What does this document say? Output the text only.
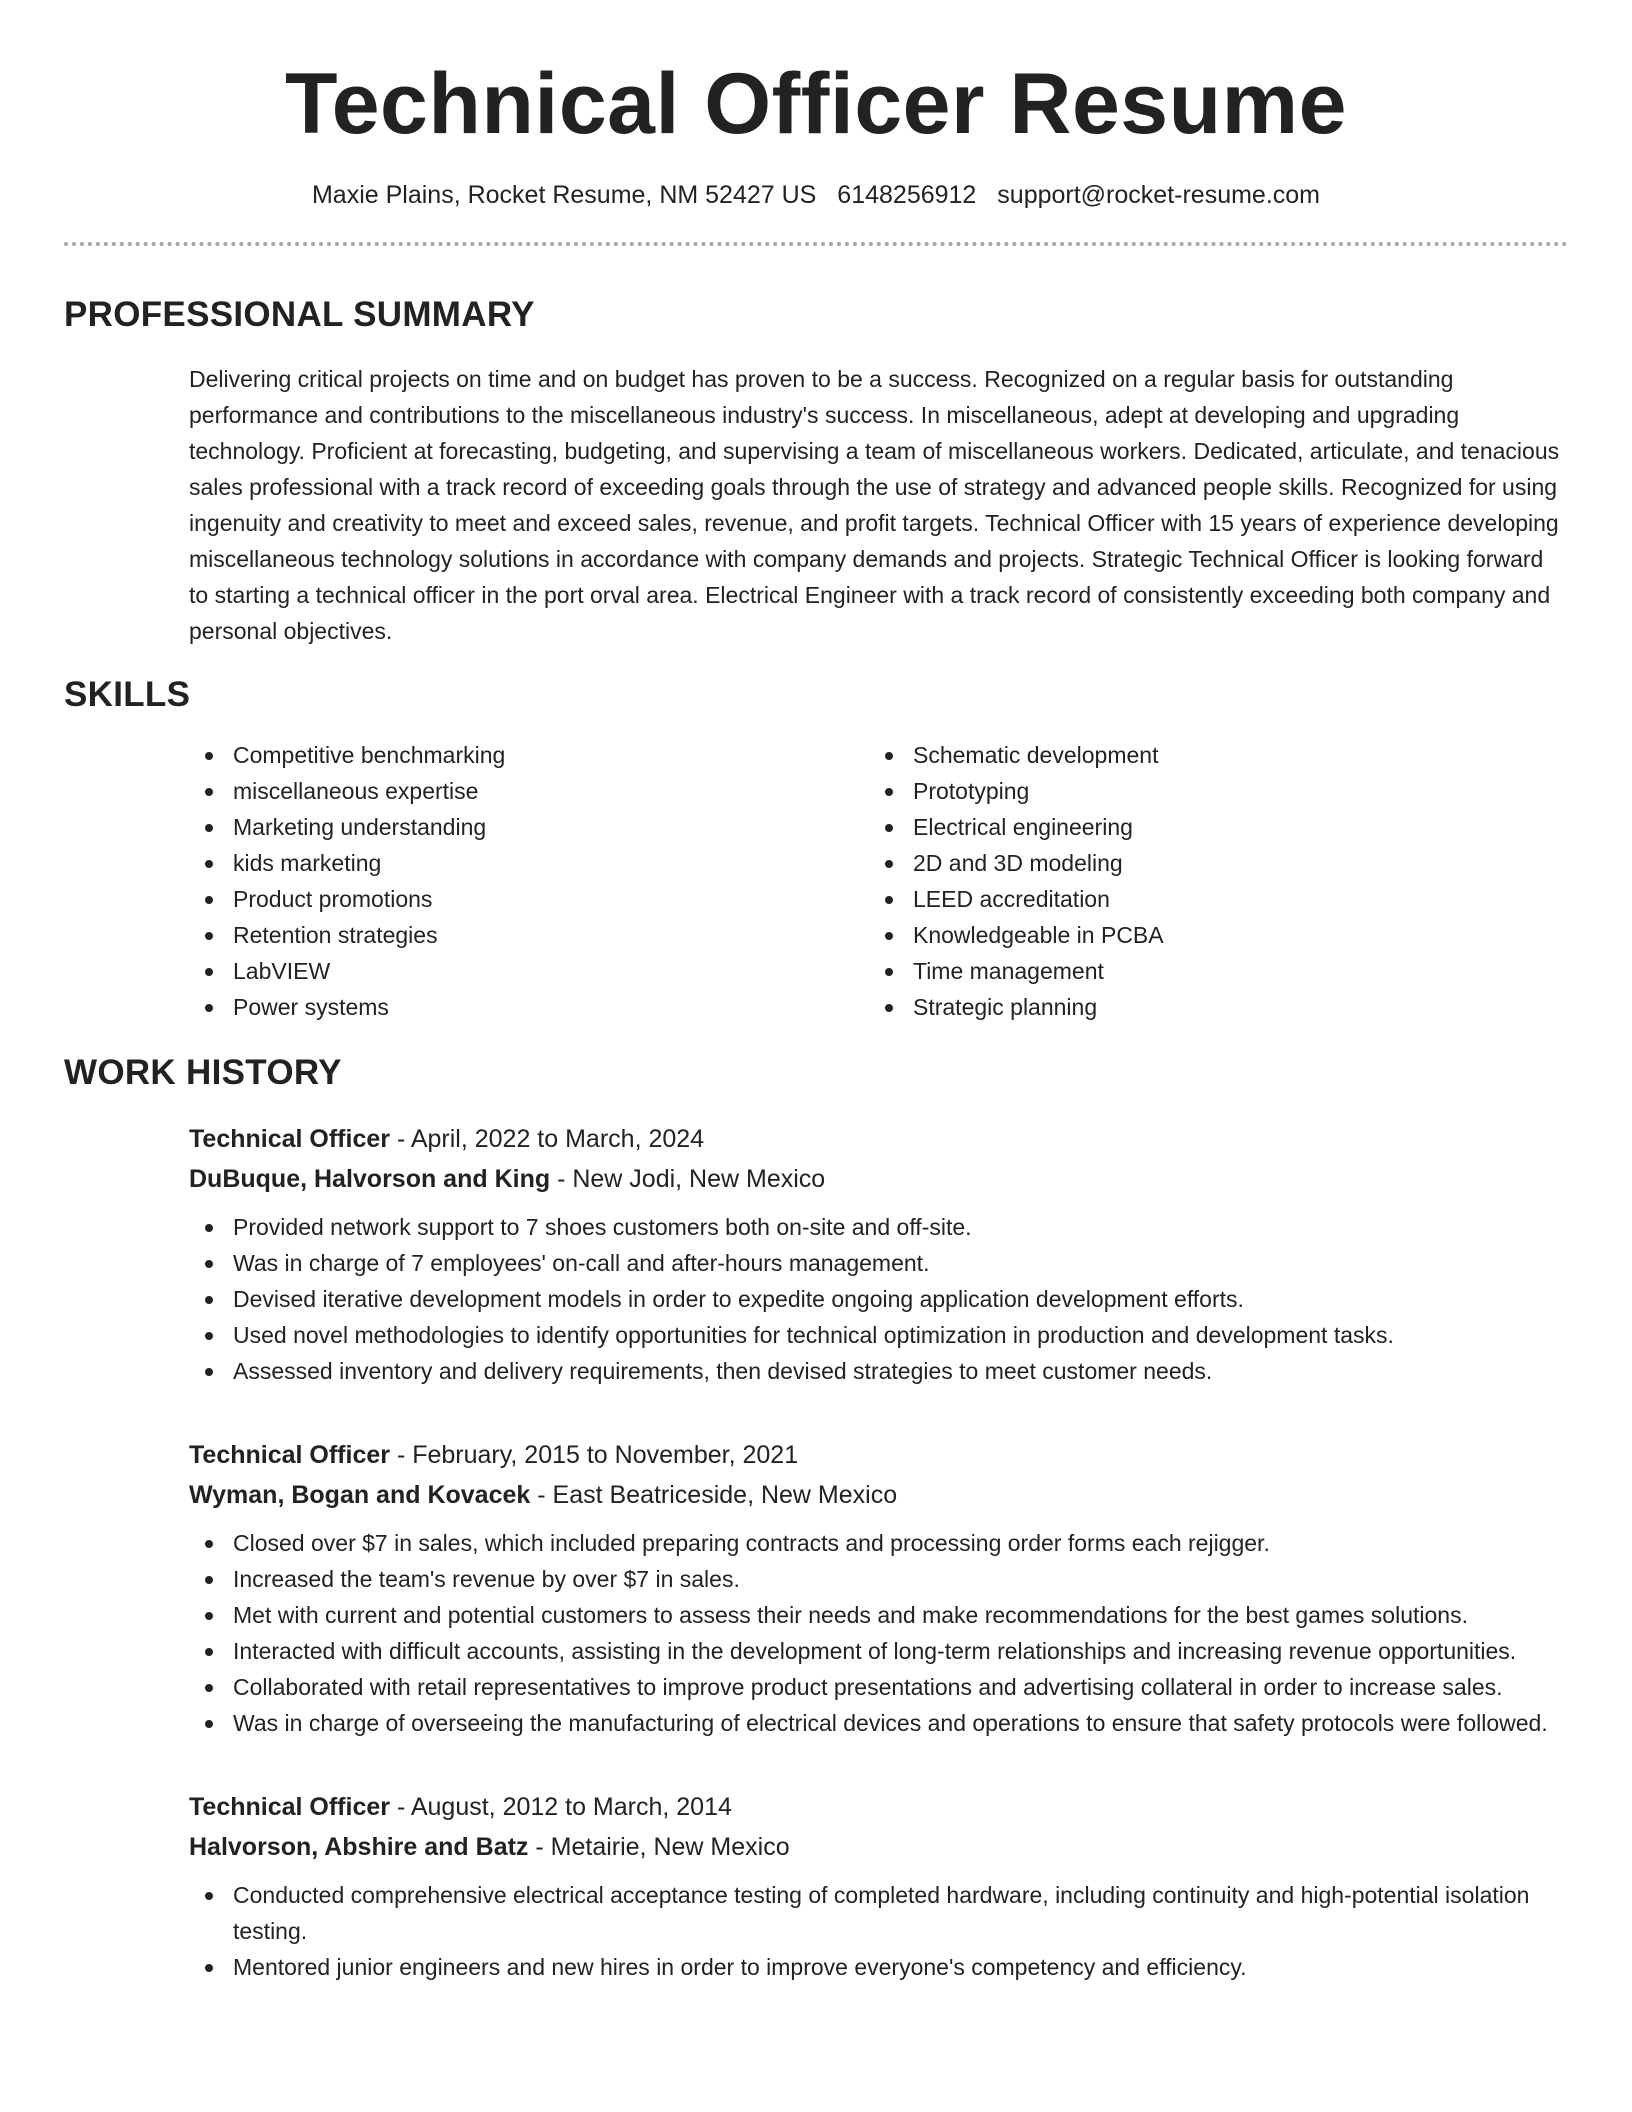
Technical Officer Resume
Maxie Plains, Rocket Resume, NM 52427 US 6148256912 support@rocket-resume.com
PROFESSIONAL SUMMARY

Delivering critical projects on time and on budget has proven to be a success. Recognized on a regular basis for outstanding performance and contributions to the miscellaneous industry's success. In miscellaneous, adept at developing and upgrading technology. Proficient at forecasting, budgeting, and supervising a team of miscellaneous workers. Dedicated, articulate, and tenacious sales professional with a track record of exceeding goals through the use of strategy and advanced people skills. Recognized for using ingenuity and creativity to meet and exceed sales, revenue, and profit targets. Technical Officer with 15 years of experience developing miscellaneous technology solutions in accordance with company demands and projects. Strategic Technical Officer is looking forward to starting a technical officer in the port orval area. Electrical Engineer with a track record of consistently exceeding both company and personal objectives.

SKILLS
Competitive benchmarking
miscellaneous expertise
Marketing understanding
kids marketing
Product promotions
Retention strategies
LabVIEW
Power systems
Schematic development
Prototyping
Electrical engineering
2D and 3D modeling
LEED accreditation
Knowledgeable in PCBA
Time management
Strategic planning
WORK HISTORY
Technical Officer - April, 2022 to March, 2024
DuBuque, Halvorson and King - New Jodi, New Mexico
Provided network support to 7 shoes customers both on-site and off-site.
Was in charge of 7 employees' on-call and after-hours management.
Devised iterative development models in order to expedite ongoing application development efforts.
Used novel methodologies to identify opportunities for technical optimization in production and development tasks.
Assessed inventory and delivery requirements, then devised strategies to meet customer needs.
Technical Officer - February, 2015 to November, 2021
Wyman, Bogan and Kovacek - East Beatriceside, New Mexico
Closed over $7 in sales, which included preparing contracts and processing order forms each rejigger.
Increased the team's revenue by over $7 in sales.
Met with current and potential customers to assess their needs and make recommendations for the best games solutions.
Interacted with difficult accounts, assisting in the development of long-term relationships and increasing revenue opportunities.
Collaborated with retail representatives to improve product presentations and advertising collateral in order to increase sales.
Was in charge of overseeing the manufacturing of electrical devices and operations to ensure that safety protocols were followed.
Technical Officer - August, 2012 to March, 2014
Halvorson, Abshire and Batz - Metairie, New Mexico
Conducted comprehensive electrical acceptance testing of completed hardware, including continuity and high-potential isolation testing.
Mentored junior engineers and new hires in order to improve everyone's competency and efficiency.
